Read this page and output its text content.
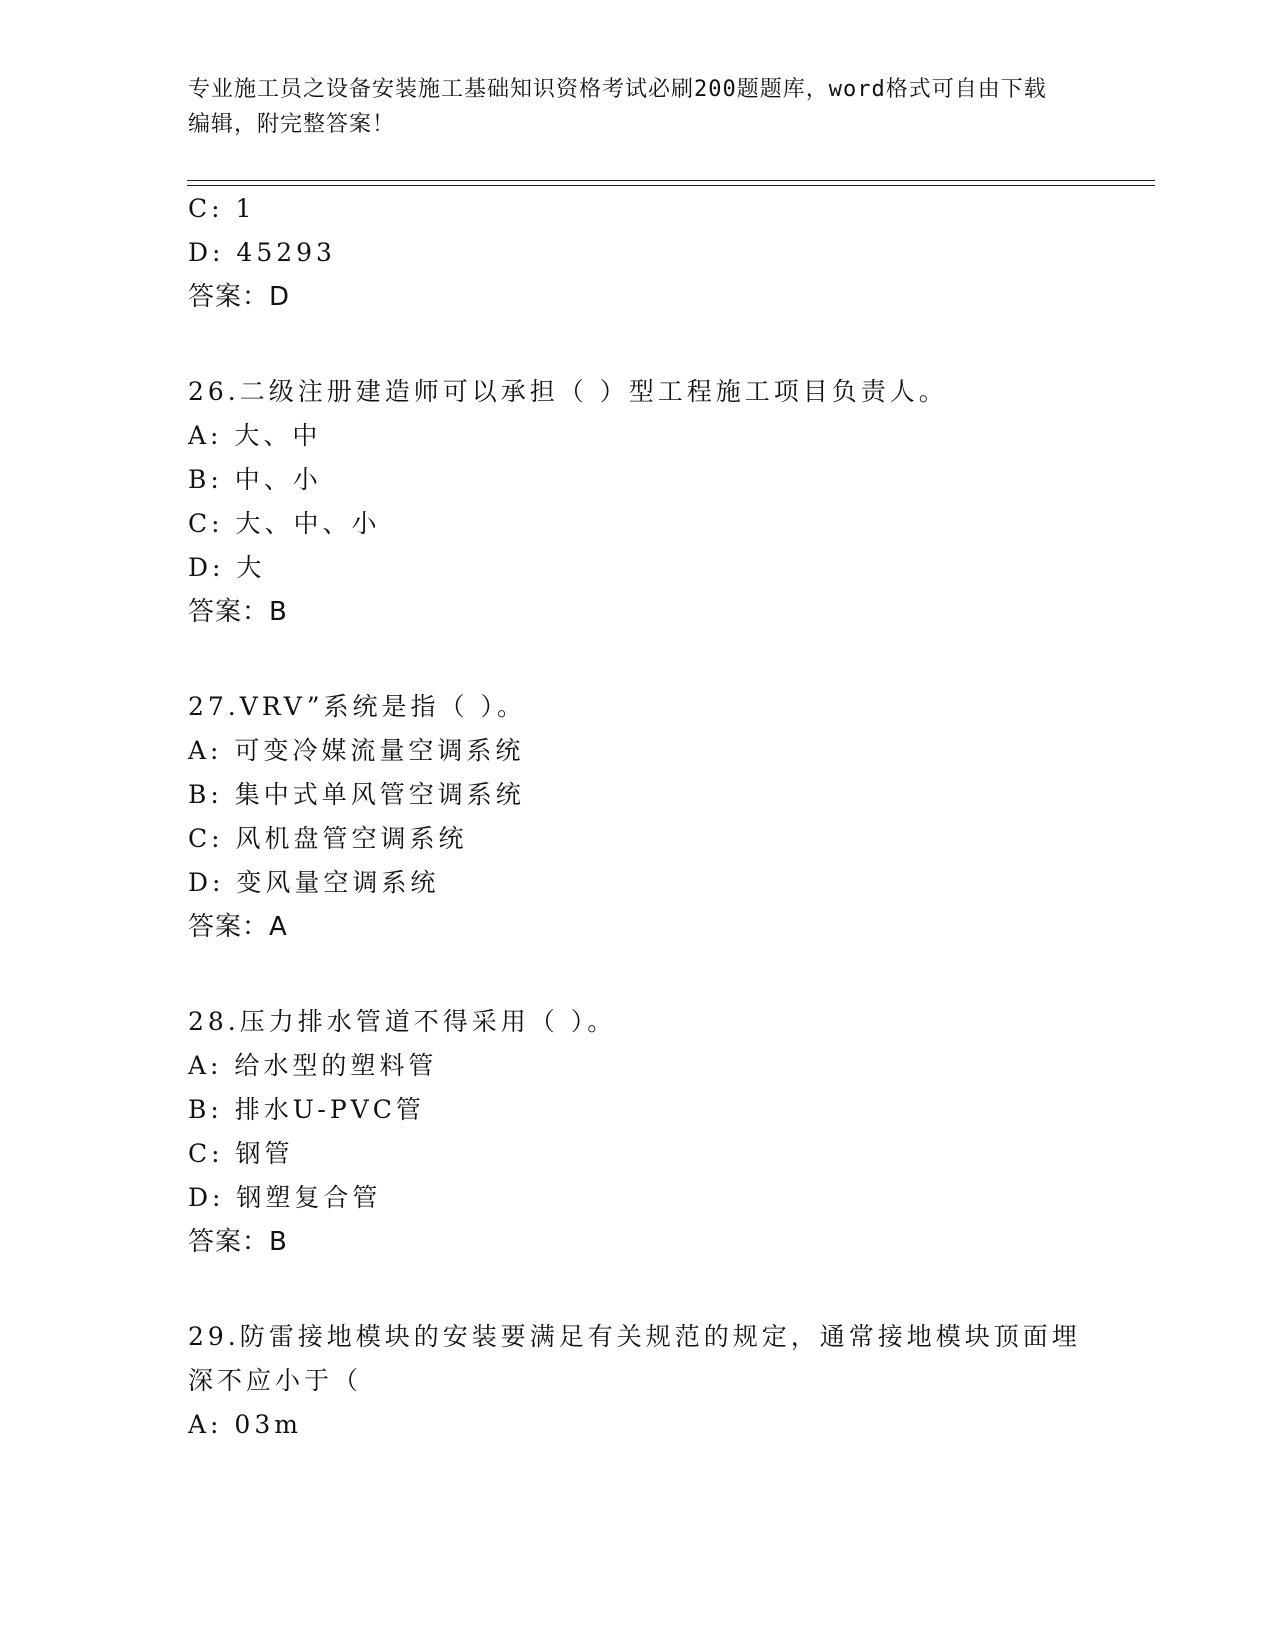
专业施工员之设备安装施工基础知识资格考试必刷200题题库，word格式可自由下载编辑，附完整答案！
C: 1
D: 45293
答案：D
26.二级注册建造师可以承担（ ）型工程施工项目负责人。
A: 大、中
B: 中、小
C: 大、中、小
D: 大
答案：B
27.VRV”系统是指（ ）。
A: 可变冷媒流量空调系统
B: 集中式单风管空调系统
C: 风机盘管空调系统
D: 变风量空调系统
答案：A
28.压力排水管道不得采用（ ）。
A: 给水型的塑料管
B: 排水U-PVC管
C: 钢管
D: 钢塑复合管
答案：B
29.防雷接地模块的安装要满足有关规范的规定，通常接地模块顶面埋
深不应小于（
A: 03m
